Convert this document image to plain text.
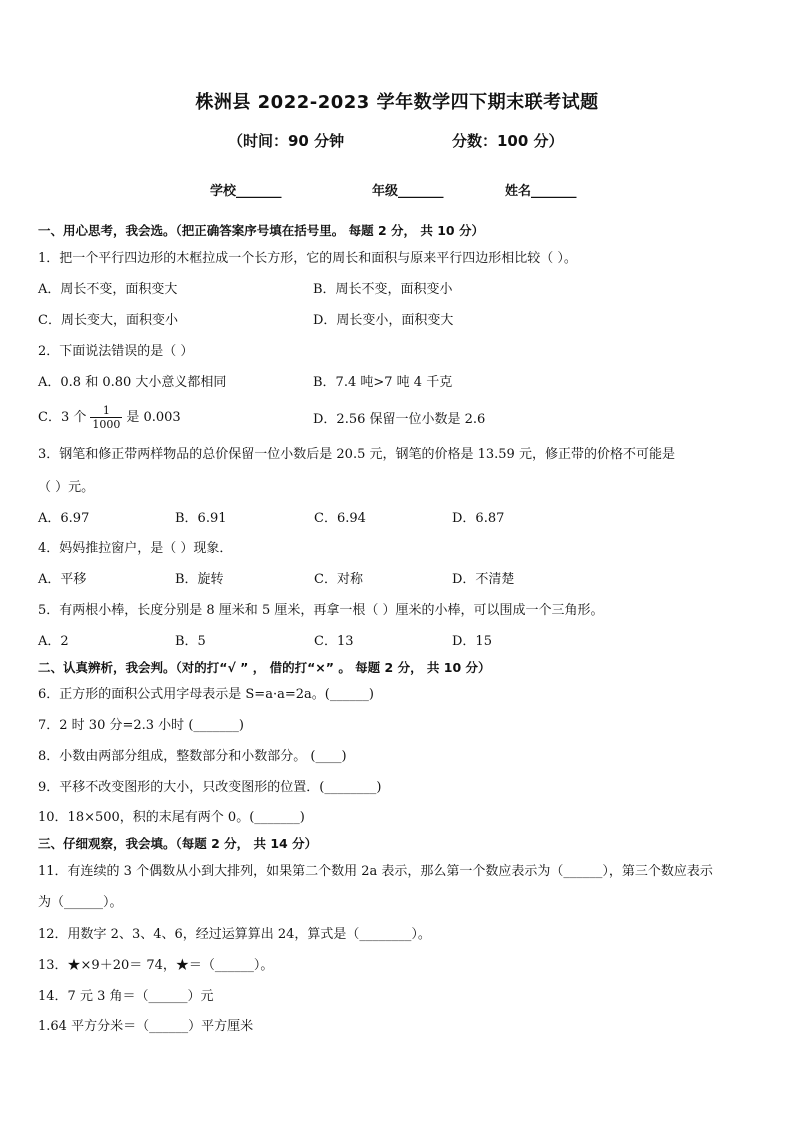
株洲县 2022-2023 学年数学四下期末联考试题
（时间：90 分钟	分数：100 分）
学校_______	年级_______	姓名_______
一、用心思考，我会选。（把正确答案序号填在括号里。 每题 2 分， 共 10 分）
1．把一个平行四边形的木框拉成一个长方形，它的周长和面积与原来平行四边形相比较（ ）。
A．周长不变，面积变大	B．周长不变，面积变小
C．周长变大，面积变小	D．周长变小，面积变大
2．下面说法错误的是（ ）
A．0.8 和 0.80 大小意义都相同	B．7.4 吨>7 吨 4 千克
C．3 个 $\frac{1}{1000}$ 是 0.003	D．2.56 保留一位小数是 2.6
3．钢笔和修正带两样物品的总价保留一位小数后是 20.5 元，钢笔的价格是 13.59 元，修正带的价格不可能是
（ ）元。
A．6.97	B．6.91	C．6.94	D．6.87
4．妈妈推拉窗户，是（ ）现象．
A．平移	B．旋转	C．对称	D．不清楚
5．有两根小棒，长度分别是 8 厘米和 5 厘米，再拿一根（ ）厘米的小棒，可以围成一个三角形。
A．2	B．5	C．13	D．15
二、认真辨析，我会判。（对的打“√ ” ， 借的打“×” 。 每题 2 分， 共 10 分）
6．正方形的面积公式用字母表示是 S=a·a=2a。(______)
7．2 时 30 分=2.3 小时 (_______)
8．小数由两部分组成，整数部分和小数部分。 (____)
9．平移不改变图形的大小，只改变图形的位置．(________)
10．18×500，积的末尾有两个 0。(_______)
三、仔细观察，我会填。（每题 2 分， 共 14 分）
11．有连续的 3 个偶数从小到大排列，如果第二个数用 2a 表示，那么第一个数应表示为（______），第三个数应表示
为（______）。
12．用数字 2、3、4、6，经过运算算出 24，算式是（________）。
13．★×9＋20＝ 74，★＝（______）。
14．7 元 3 角＝（______）元
1.64 平方分米＝（______）平方厘米
